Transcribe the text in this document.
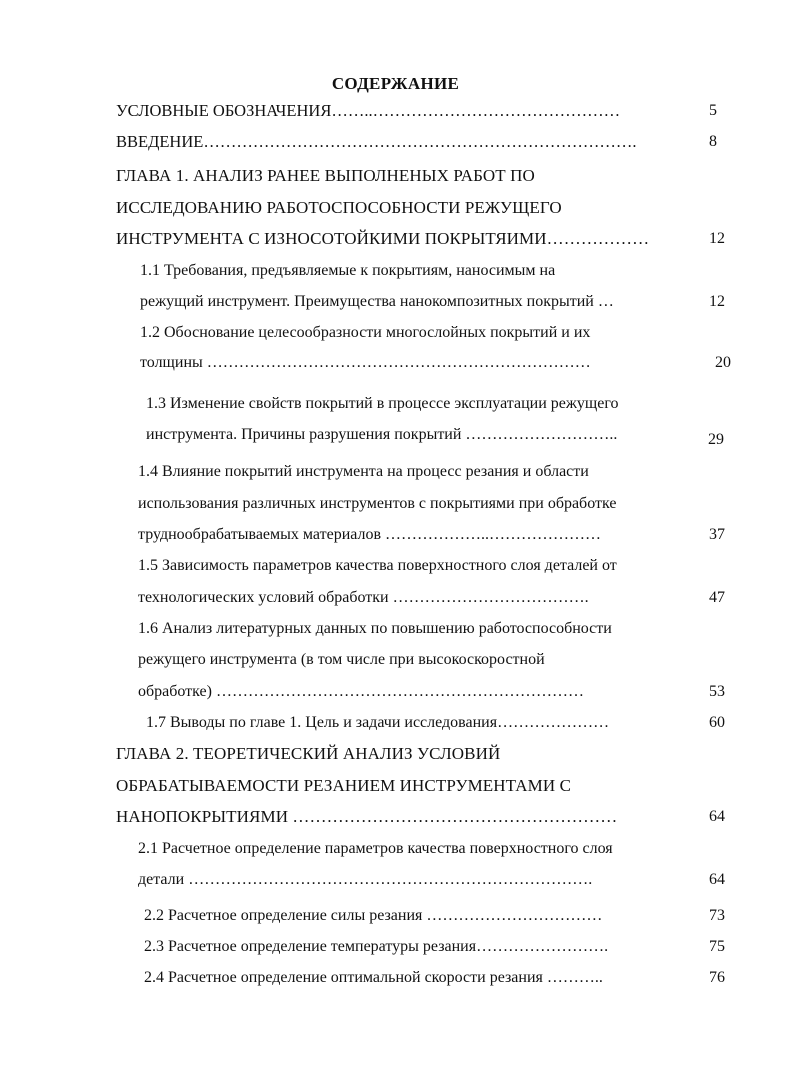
СОДЕРЖАНИЕ
УСЛОВНЫЕ ОБОЗНАЧЕНИЯ……..………………………………………	5
ВВЕДЕНИЕ…………………………………………………………………….	8
ГЛАВА 1. АНАЛИЗ РАНЕЕ ВЫПОЛНЕНЫХ РАБОТ ПО
ИССЛЕДОВАНИЮ РАБОТОСПОСОБНОСТИ РЕЖУЩЕГО
ИНСТРУМЕНТА С ИЗНОСОТОЙКИМИ ПОКРЫТЯИМИ………………	12
1.1 Требования, предъявляемые к покрытиям, наносимым на
режущий инструмент. Преимущества нанокомпозитных покрытий …	12
1.2 Обоснование целесообразности многослойных покрытий и их
толщины ………………………………………………………………	20
1.3 Изменение свойств покрытий в процессе эксплуатации режущего
инструмента. Причины разрушения покрытий ………………………..	29
1.4 Влияние покрытий инструмента на процесс резания и области
использования различных инструментов с покрытиями при обработке
труднообрабатываемых материалов ………………..…………………	37
1.5 Зависимость параметров качества поверхностного слоя деталей от
технологических условий обработки ……………………………….	47
1.6 Анализ литературных данных по повышению работоспособности
режущего инструмента (в том числе при высокоскоростной
обработке) ……………………………………………………………	53
1.7 Выводы по главе 1. Цель и задачи исследования…………………	60
ГЛАВА 2. ТЕОРЕТИЧЕСКИЙ АНАЛИЗ УСЛОВИЙ
ОБРАБАТЫВАЕМОСТИ РЕЗАНИЕМ ИНСТРУМЕНТАМИ С
НАНОПОКРЫТИЯМИ …………………………………………………	64
2.1 Расчетное определение параметров качества поверхностного слоя
детали ………………………………………………………………….	64
2.2 Расчетное определение силы резания ……………………………	73
2.3 Расчетное определение температуры резания…………………….	75
2.4 Расчетное определение оптимальной скорости резания ………..	76
